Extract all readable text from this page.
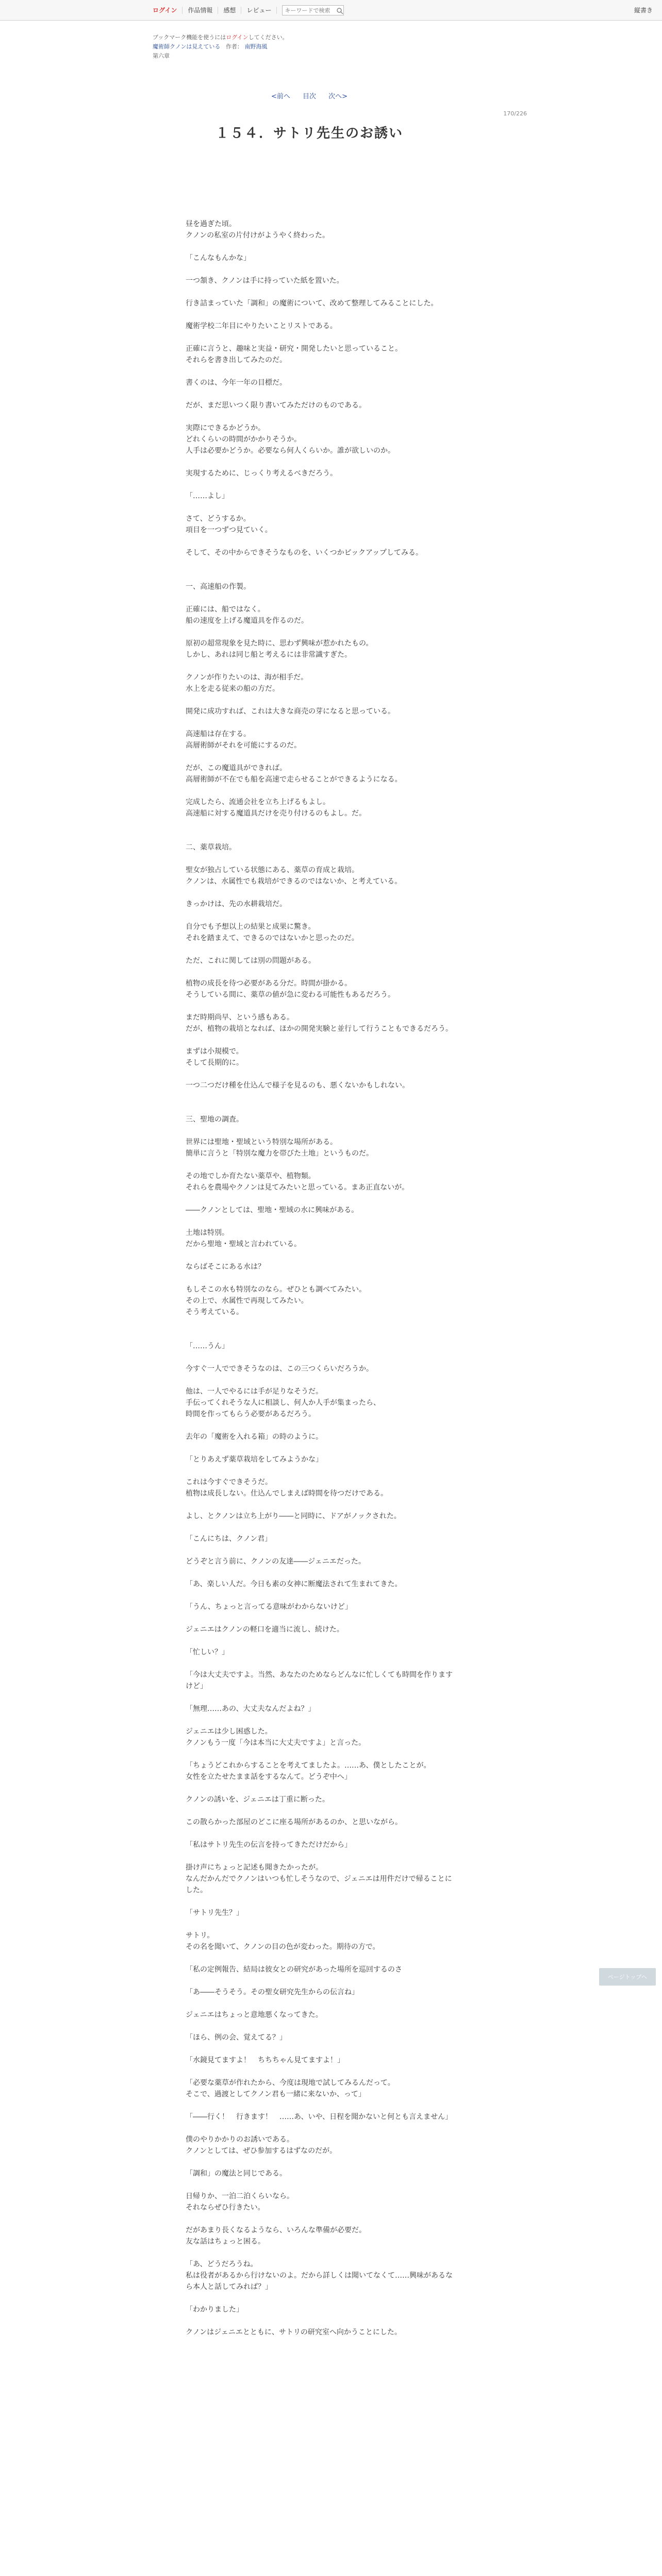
ログイン	作品情報	感想	レビュー
キーワードで検索	縦書き
ブックマーク機能を使うにはログインしてください。
魔術師クノンは見えている 作者： 南野海風
第六章
<前へ 目次 次へ>
170/226
１５４．サトリ先生のお誘い

昼を過ぎた頃。

クノンの私室の片付けがようやく終わった。

「こんなもんかな」

一つ頷き、クノンは手に持っていた紙を置いた。

行き詰まっていた「調和」の魔術について、改めて整理してみることにした。

魔術学校二年目にやりたいことリストである。

正確に言うと、趣味と実益・研究・開発したいと思っていること。

それらを書き出してみたのだ。

書くのは、今年一年の目標だ。

だが、まだ思いつく限り書いてみただけのものである。

実際にできるかどうか。

どれくらいの時間がかかりそうか。

人手は必要かどうか。必要なら何人くらいか。誰が欲しいのか。

実現するために、じっくり考えるべきだろう。

「……よし」

さて、どうするか。

項目を一つずつ見ていく。

そして、その中からできそうなものを、いくつかピックアップしてみる。

一、高速船の作製。

正確には、船ではなく。

船の速度を上げる魔道具を作るのだ。

原初の超常現象を見た時に、思わず興味が惹かれたもの。

しかし、あれは同じ船と考えるには非常識すぎた。

クノンが作りたいのは、海が相手だ。

水上を走る従来の船の方だ。

開発に成功すれば、これは大きな商売の芽になると思っている。

高速船は存在する。

高層術師がそれを可能にするのだ。

だが、この魔道具ができれば。

高層術師が不在でも船を高速で走らせることができるようになる。

完成したら、流通会社を立ち上げるもよし。

高速船に対する魔道具だけを売り付けるのもよし。だ。

二、薬草栽培。

聖女が独占している状態にある、薬草の育成と栽培。

クノンは、水属性でも栽培ができるのではないか、と考えている。

きっかけは、先の水耕栽培だ。

自分でも予想以上の結果と成果に驚き。

それを踏まえて、できるのではないかと思ったのだ。

ただ、これに関しては別の問題がある。

植物の成長を待つ必要がある分だ。時間が掛かる。

そうしている間に、薬草の値が急に変わる可能性もあるだろう。

まだ時期尚早、という感もある。

だが、植物の栽培となれば、ほかの開発実験と並行して行うこともできるだろう。

まずは小規模で。

そして長期的に。

一つ二つだけ種を仕込んで様子を見るのも、悪くないかもしれない。

三、聖地の調査。

世界には聖地・聖域という特別な場所がある。

簡単に言うと「特別な魔力を帯びた土地」というものだ。

その地でしか育たない薬草や、植物類。

それらを農場やクノンは見てみたいと思っている。まあ正直ないが。

――クノンとしては、聖地・聖域の水に興味がある。

土地は特別。

だから聖地・聖域と言われている。

ならばそこにある水は？

もしそこの水も特別なのなら。ぜひとも調べてみたい。

その上で、水属性で再現してみたい。

そう考えている。

「……うん」

今すぐ一人でできそうなのは、この三つくらいだろうか。

他は、一人でやるには手が足りなそうだ。

手伝ってくれそうな人に相談し、何人か人手が集まったら、

時間を作ってもらう必要があるだろう。

去年の「魔術を入れる箱」の時のように。

「とりあえず薬草栽培をしてみようかな」

これは今すぐできそうだ。

植物は成長しない。仕込んでしまえば時間を待つだけである。

よし、とクノンは立ち上がり――と同時に、ドアがノックされた。

「こんにちは、クノン君」

どうぞと言う前に、クノンの友達――ジェニエだった。

「あ、楽しい人だ。今日も素の女神に断魔法されて生まれてきた。

「うん、ちょっと言ってる意味がわからないけど」

ジェニエはクノンの軽口を適当に流し、続けた。

「忙しい？」

「今は大丈夫ですよ。当然、あなたのためならどんなに忙しくても時間を作りますけど」

「無理……あの、大丈夫なんだよね？」

ジェニエは少し困惑した。

クノンもう一度「今は本当に大丈夫ですよ」と言った。

「ちょうどこれからすることを考えてましたよ。……あ、僕としたことが。

女性を立たせたまま話をするなんて。どうぞ中へ」

クノンの誘いを、ジェニエは丁重に断った。

この散らかった部屋のどこに座る場所があるのか、と思いながら。

「私はサトリ先生の伝言を持ってきただけだから」

掛け声にちょっと記述も聞きたかったが。

なんだかんだでクノンはいつも忙しそうなので、ジェニエは用件だけで帰ることにした。

「サトリ先生？」

サトリ。

その名を聞いて、クノンの目の色が変わった。期待の方で。

「私の定例報告、結局は彼女との研究があった場所を巡回するのさ

「あ――そうそう。その聖女研究先生からの伝言ね」

ジェニエはちょっと意地悪くなってきた。

「ほら、例の会、覚えてる？」

「水鏡見てますよ！　ちちちゃん見てますよ！」

「必要な薬草が作れたから、今度は現地で試してみるんだって。

そこで、過渡としてクノン君も一緒に来ないか、って」

「――行く！　行きます！　……あ、いや、日程を聞かないと何とも言えません」

僕のやりかかりのお誘いである。

クノンとしては、ぜひ参加するはずなのだが。

「調和」の魔法と同じである。

日帰りか、一泊二泊くらいなら。

それならぜひ行きたい。

だがあまり長くなるようなら、いろんな準備が必要だ。

友な話はちょっと困る。

「あ、どうだろうね。

私は役者があるから行けないのよ。だから詳しくは聞いてなくて……興味があるなら本人と話してみれば？」

「わかりました」

クノンはジェニエとともに、サトリの研究室へ向かうことにした。

ページトップへ
